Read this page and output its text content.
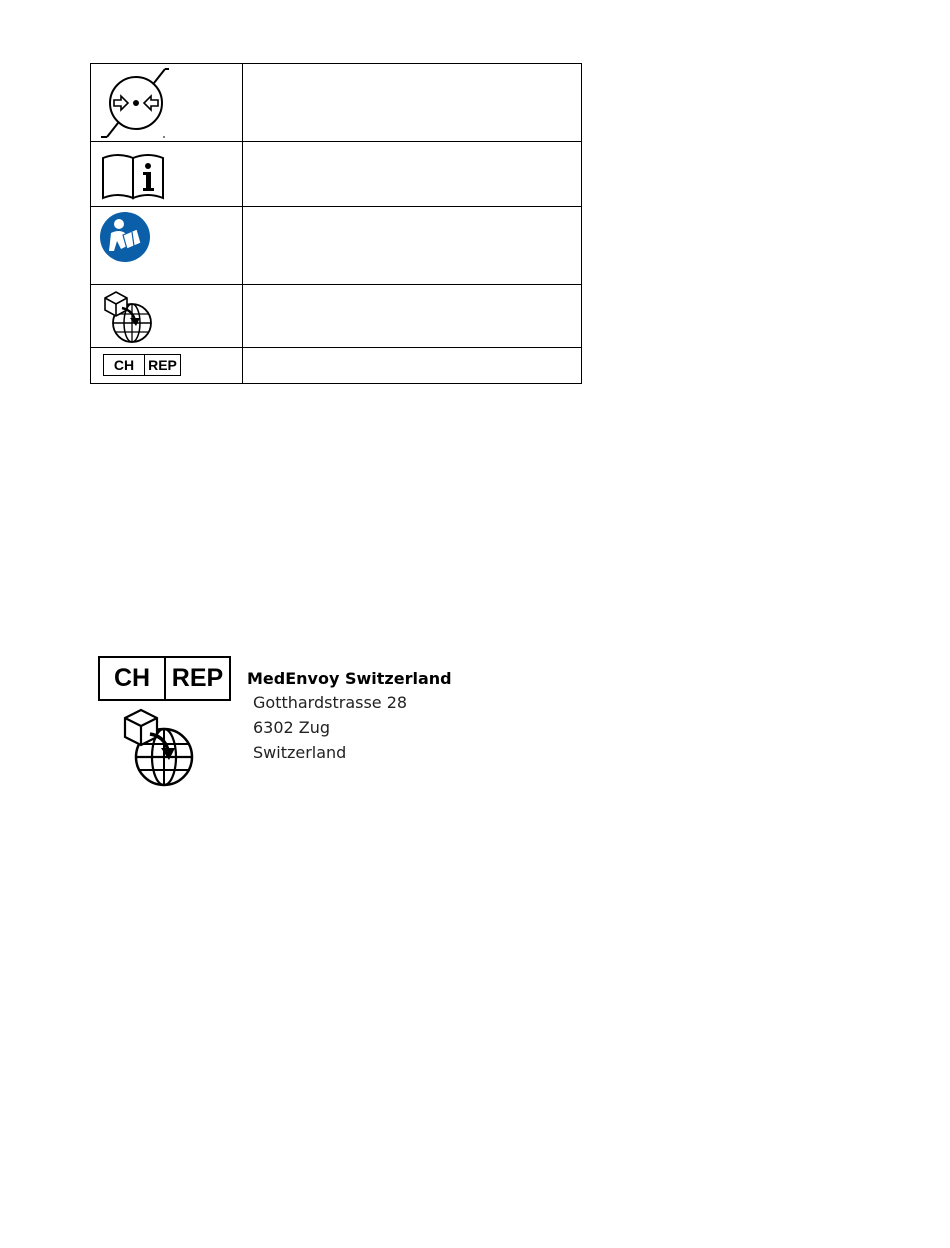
CH REP	

CH REP	MedEnvoy Switzerland
Gotthardstrasse 28
6302 Zug
Switzerland
